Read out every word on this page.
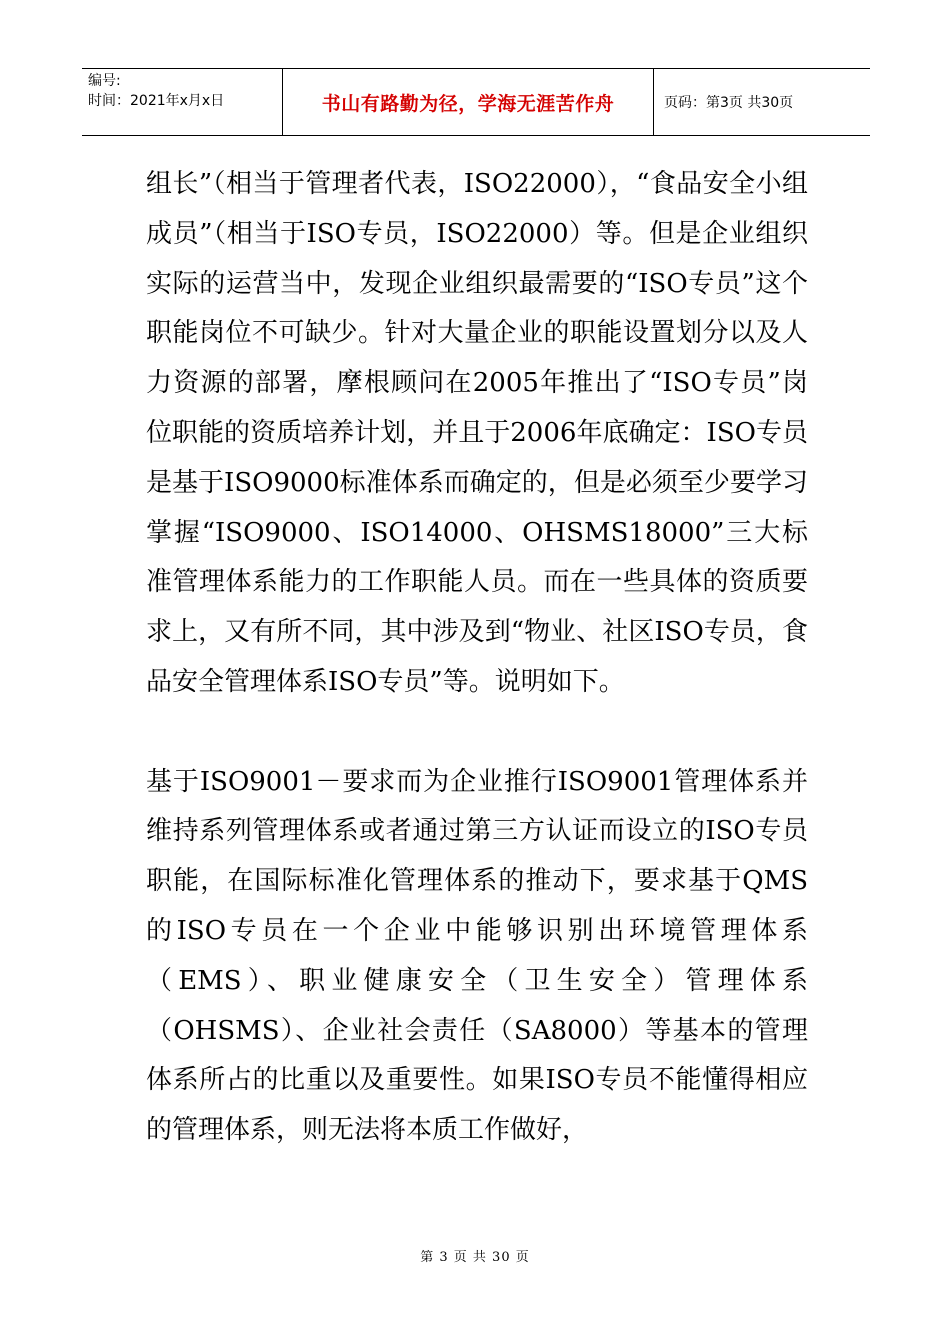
编号:
时间：2021年x月x日	书山有路勤为径，学海无涯苦作舟	页码：第3页 共30页

组长”（相当于管理者代表，ISO22000），“食品安全小组成员”（相当于ISO专员，ISO22000）等。但是企业组织实际的运营当中，发现企业组织最需要的“ISO专员”这个职能岗位不可缺少。针对大量企业的职能设置划分以及人力资源的部署，摩根顾问在2005年推出了“ISO专员”岗位职能的资质培养计划，并且于2006年底确定：ISO专员是基于ISO9000标准体系而确定的，但是必须至少要学习掌握“ISO9000、ISO14000、OHSMS18000”三大标准管理体系能力的工作职能人员。而在一些具体的资质要求上，又有所不同，其中涉及到“物业、社区ISO专员，食品安全管理体系ISO专员”等。说明如下。

基于ISO9001－要求而为企业推行ISO9001管理体系并维持系列管理体系或者通过第三方认证而设立的ISO专员职能，在国际标准化管理体系的推动下，要求基于QMS的ISO专员在一个企业中能够识别出环境管理体系（EMS）、职业健康安全（卫生安全）管理体系（OHSMS）、企业社会责任（SA8000）等基本的管理体系所占的比重以及重要性。如果ISO专员不能懂得相应的管理体系，则无法将本质工作做好，

第 3 页 共 30 页
